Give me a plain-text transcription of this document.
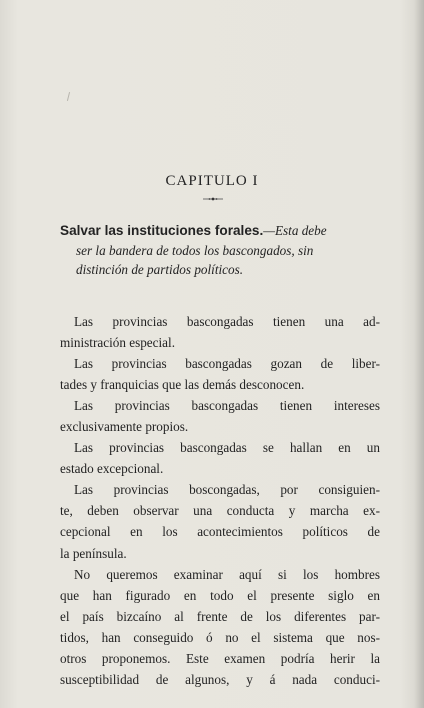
CAPITULO I
Salvar las instituciones forales.—Esta debe
ser la bandera de todos los bascongados, sin
distinción de partidos políticos.
Las provincias bascongadas tienen una ad-
ministración especial.
Las provincias bascongadas gozan de liber-
tades y franquicias que las demás desconocen.
Las provincias bascongadas tienen intereses
exclusivamente propios.
Las provincias bascongadas se hallan en un
estado excepcional.
Las provincias boscongadas, por consiguien-
te, deben observar una conducta y marcha ex-
cepcional en los acontecimientos políticos de
la península.
No queremos examinar aquí si los hombres
que han figurado en todo el presente siglo en
el país bizcaíno al frente de los diferentes par-
tidos, han conseguido ó no el sistema que nos-
otros proponemos. Este examen podría herir la
susceptibilidad de algunos, y á nada conduci-
